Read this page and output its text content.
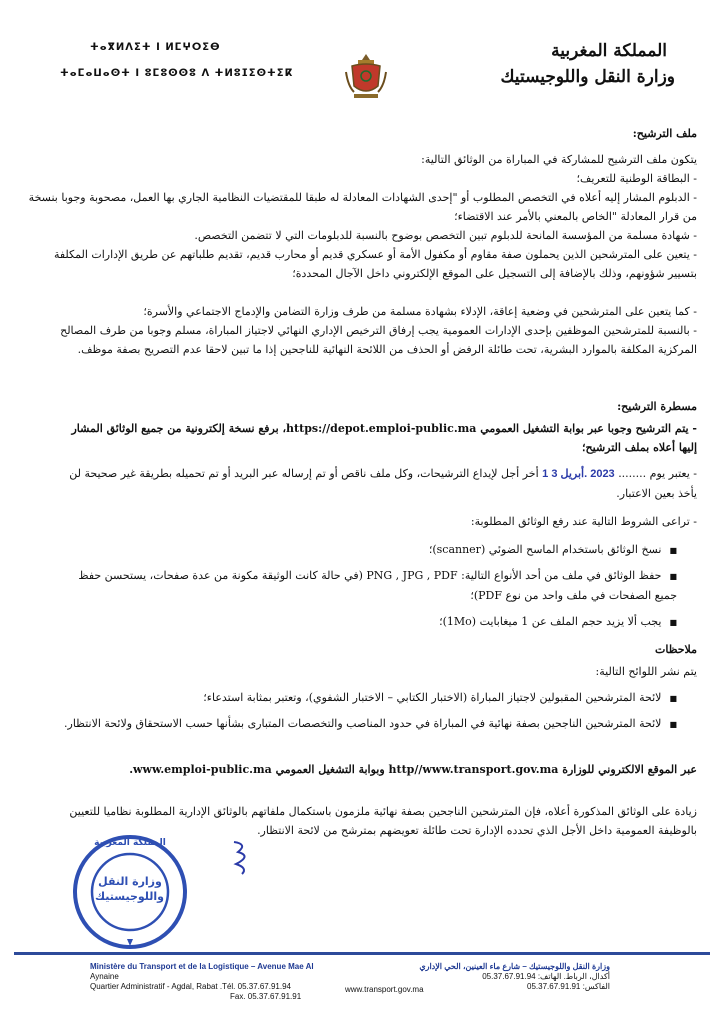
المملكة المغربية
وزارة النقل واللوجيستيك
ⵜⴰⴳⵍⴷⵉⵜ ⵏ ⵍⵎⵖⵔⵉⴱ
ⵜⴰⵎⴰⵡⴰⵙⵜ ⵏ ⵓⵎⵓⵙⵙⵓ ⴷ ⵜⵍⵓⵊⵉⵙⵜⵉⴽ
ملف الترشيح:
يتكون ملف الترشيح للمشاركة في المباراة من الوثائق التالية:
- البطاقة الوطنية للتعريف؛
- الدبلوم المشار إليه أعلاه في التخصص المطلوب أو "إحدى الشهادات المعادلة له طبقا للمقتضيات النظامية الجاري بها العمل، مصحوبة وجوبا بنسخة من قرار المعادلة "الخاص بالمعني بالأمر عند الاقتضاء؛
- شهادة مسلمة من المؤسسة المانحة للدبلوم تبين التخصص بوضوح بالنسبة للدبلومات التي لا تتضمن التخصص.
- يتعين على المترشحين الذين يحملون صفة مقاوم أو مكفول الأمة أو عسكري قديم أو محارب قديم، تقديم طلباتهم عن طريق الإدارات المكلفة بتسيير شؤونهم، وذلك بالإضافة إلى التسجيل على الموقع الإلكتروني داخل الآجال المحددة؛
- كما يتعين على المترشحين في وضعية إعاقة، الإدلاء بشهادة مسلمة من طرف وزارة التضامن والإدماج الاجتماعي والأسرة؛
- بالنسبة للمترشحين الموظفين بإحدى الإدارات العمومية يجب إرفاق الترخيص الإداري النهائي لاجتياز المباراة، مسلم وجوبا من طرف المصالح المركزية المكلفة بالموارد البشرية، تحت طائلة الرفض أو الحذف من اللائحة النهائية للناجحين إذا ما تبين لاحقا عدم التصريح بصفة موظف.
مسطرة الترشيح:
- يتم الترشيح وجوبا عبر بوابة التشغيل العمومي https://depot.emploi-public.ma، برفع نسخة إلكترونية من جميع الوثائق المشار إليها أعلاه بملف الترشيح؛
- يعتبر يوم ........ 2023 .أبريل 3 1 أخر أجل لإيداع الترشيحات، وكل ملف ناقص أو تم إرساله عبر البريد أو تم تحميله بطريقة غير صحيحة لن يأخذ بعين الاعتبار.
- تراعى الشروط التالية عند رفع الوثائق المطلوبة:
■ نسخ الوثائق باستخدام الماسح الضوئي (scanner)؛
■ حفظ الوثائق في ملف من أحد الأنواع التالية: PNG , JPG , PDF (في حالة كانت الوثيقة مكونة من عدة صفحات، يستحسن حفظ جميع الصفحات في ملف واحد من نوع PDF)؛
■ يجب ألا يزيد حجم الملف عن 1 ميغابايت (1Mo)؛
ملاحظات
يتم نشر اللوائح التالية:
■ لائحة المترشحين المقبولين لاجتياز المباراة (الاختبار الكتابي – الاختبار الشفوي)، وتعتبر بمثابة استدعاء؛
■ لائحة المترشحين الناجحين بصفة نهائية في المباراة في حدود المناصب والتخصصات المتبارى بشأنها حسب الاستحقاق ولائحة الانتظار.
عبر الموقع الالكتروني للوزارة http//www.transport.gov.ma وبوابة التشغيل العمومي www.emploi-public.ma.
زيادة على الوثائق المذكورة أعلاه، فإن المترشحين الناجحين بصفة نهائية ملزمون باستكمال ملفاتهم بالوثائق الإدارية المطلوبة نظاميا للتعيين بالوظيفة العمومية داخل الأجل الذي تحدده الإدارة تحت طائلة تعويضهم بمترشح من لائحة الانتظار.
المملكة المغربية
وزارة النقل واللوجيستيك
Ministère du Transport et de la Logistique – Avenue Mae Al
Aynaine
Quartier Administratif - Agdal, Rabat .Tél. 05.37.67.91.94
Fax. 05.37.67.91.91
www.transport.gov.ma
وزارة النقل واللوجيستيك – شارع ماء العينين، الحي الإداري
أكدال، الرباط. الهاتف: 05.37.67.91.94
الفاكس: 05.37.67.91.91
